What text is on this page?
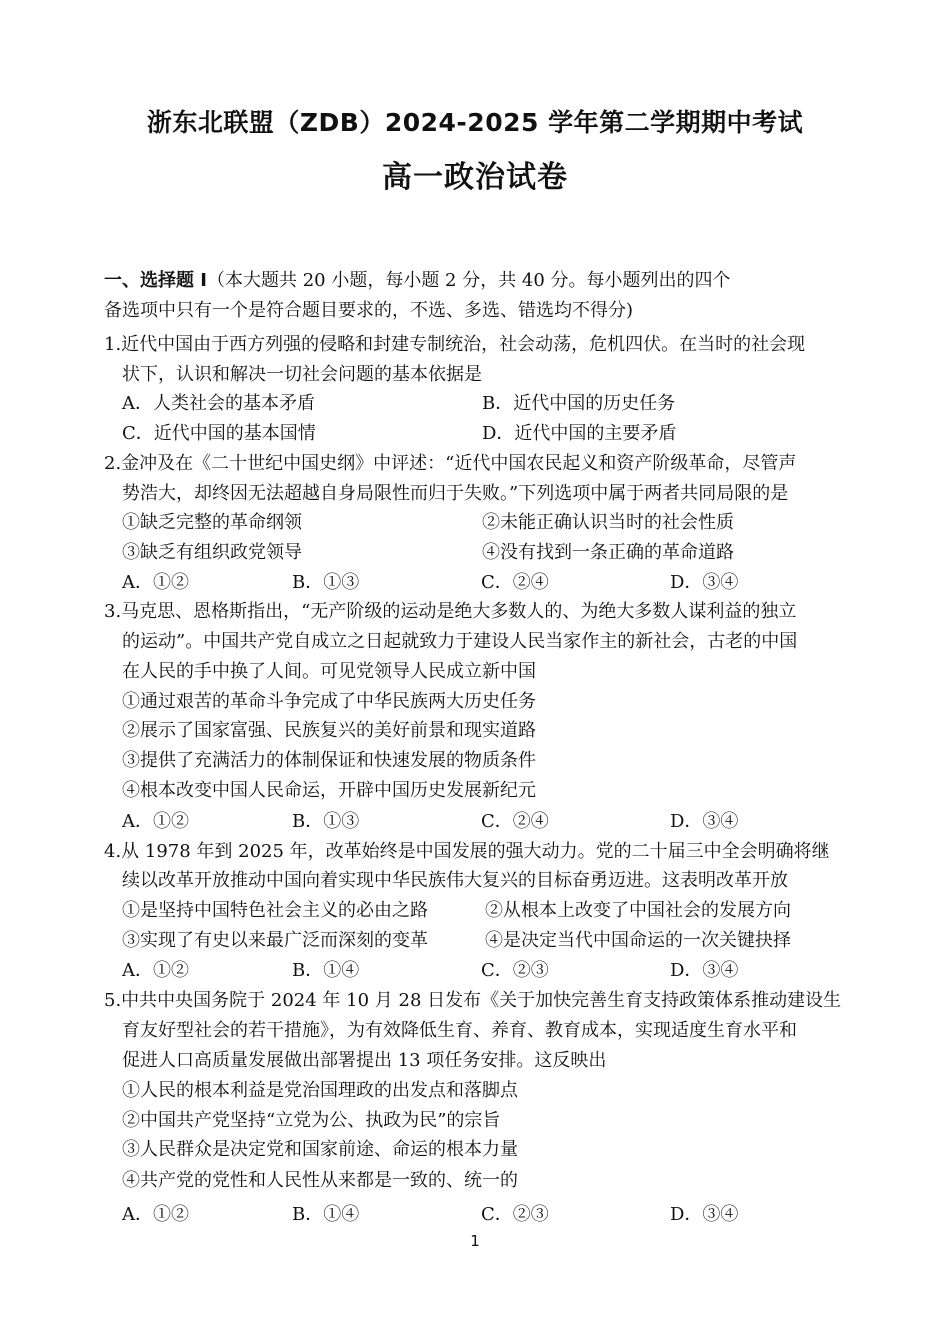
浙东北联盟（ZDB）2024-2025 学年第二学期期中考试
高一政治试卷
一、选择题 I（本大题共 20 小题，每小题 2 分，共 40 分。每小题列出的四个
备选项中只有一个是符合题目要求的，不选、多选、错选均不得分)
1.近代中国由于西方列强的侵略和封建专制统治，社会动荡，危机四伏。在当时的社会现
状下，认识和解决一切社会问题的基本依据是
A．人类社会的基本矛盾	B．近代中国的历史任务
C．近代中国的基本国情	D．近代中国的主要矛盾
2.金冲及在《二十世纪中国史纲》中评述：“近代中国农民起义和资产阶级革命，尽管声
势浩大，却终因无法超越自身局限性而归于失败。”下列选项中属于两者共同局限的是
①缺乏完整的革命纲领	②未能正确认识当时的社会性质
③缺乏有组织政党领导	④没有找到一条正确的革命道路
A．①②	B．①③	C．②④	D．③④
3.马克思、恩格斯指出，“无产阶级的运动是绝大多数人的、为绝大多数人谋利益的独立
的运动”。中国共产党自成立之日起就致力于建设人民当家作主的新社会，古老的中国
在人民的手中换了人间。可见党领导人民成立新中国
①通过艰苦的革命斗争完成了中华民族两大历史任务
②展示了国家富强、民族复兴的美好前景和现实道路
③提供了充满活力的体制保证和快速发展的物质条件
④根本改变中国人民命运，开辟中国历史发展新纪元
A．①②	B．①③	C．②④	D．③④
4.从 1978 年到 2025 年，改革始终是中国发展的强大动力。党的二十届三中全会明确将继
续以改革开放推动中国向着实现中华民族伟大复兴的目标奋勇迈进。这表明改革开放
①是坚持中国特色社会主义的必由之路	②从根本上改变了中国社会的发展方向
③实现了有史以来最广泛而深刻的变革	④是决定当代中国命运的一次关键抉择
A．①②	B．①④	C．②③	D．③④
5.中共中央国务院于 2024 年 10 月 28 日发布《关于加快完善生育支持政策体系推动建设生
育友好型社会的若干措施》，为有效降低生育、养育、教育成本，实现适度生育水平和
促进人口高质量发展做出部署提出 13 项任务安排。这反映出
①人民的根本利益是党治国理政的出发点和落脚点
②中国共产党坚持“立党为公、执政为民”的宗旨
③人民群众是决定党和国家前途、命运的根本力量
④共产党的党性和人民性从来都是一致的、统一的
A．①②	B．①④	C．②③	D．③④
1
